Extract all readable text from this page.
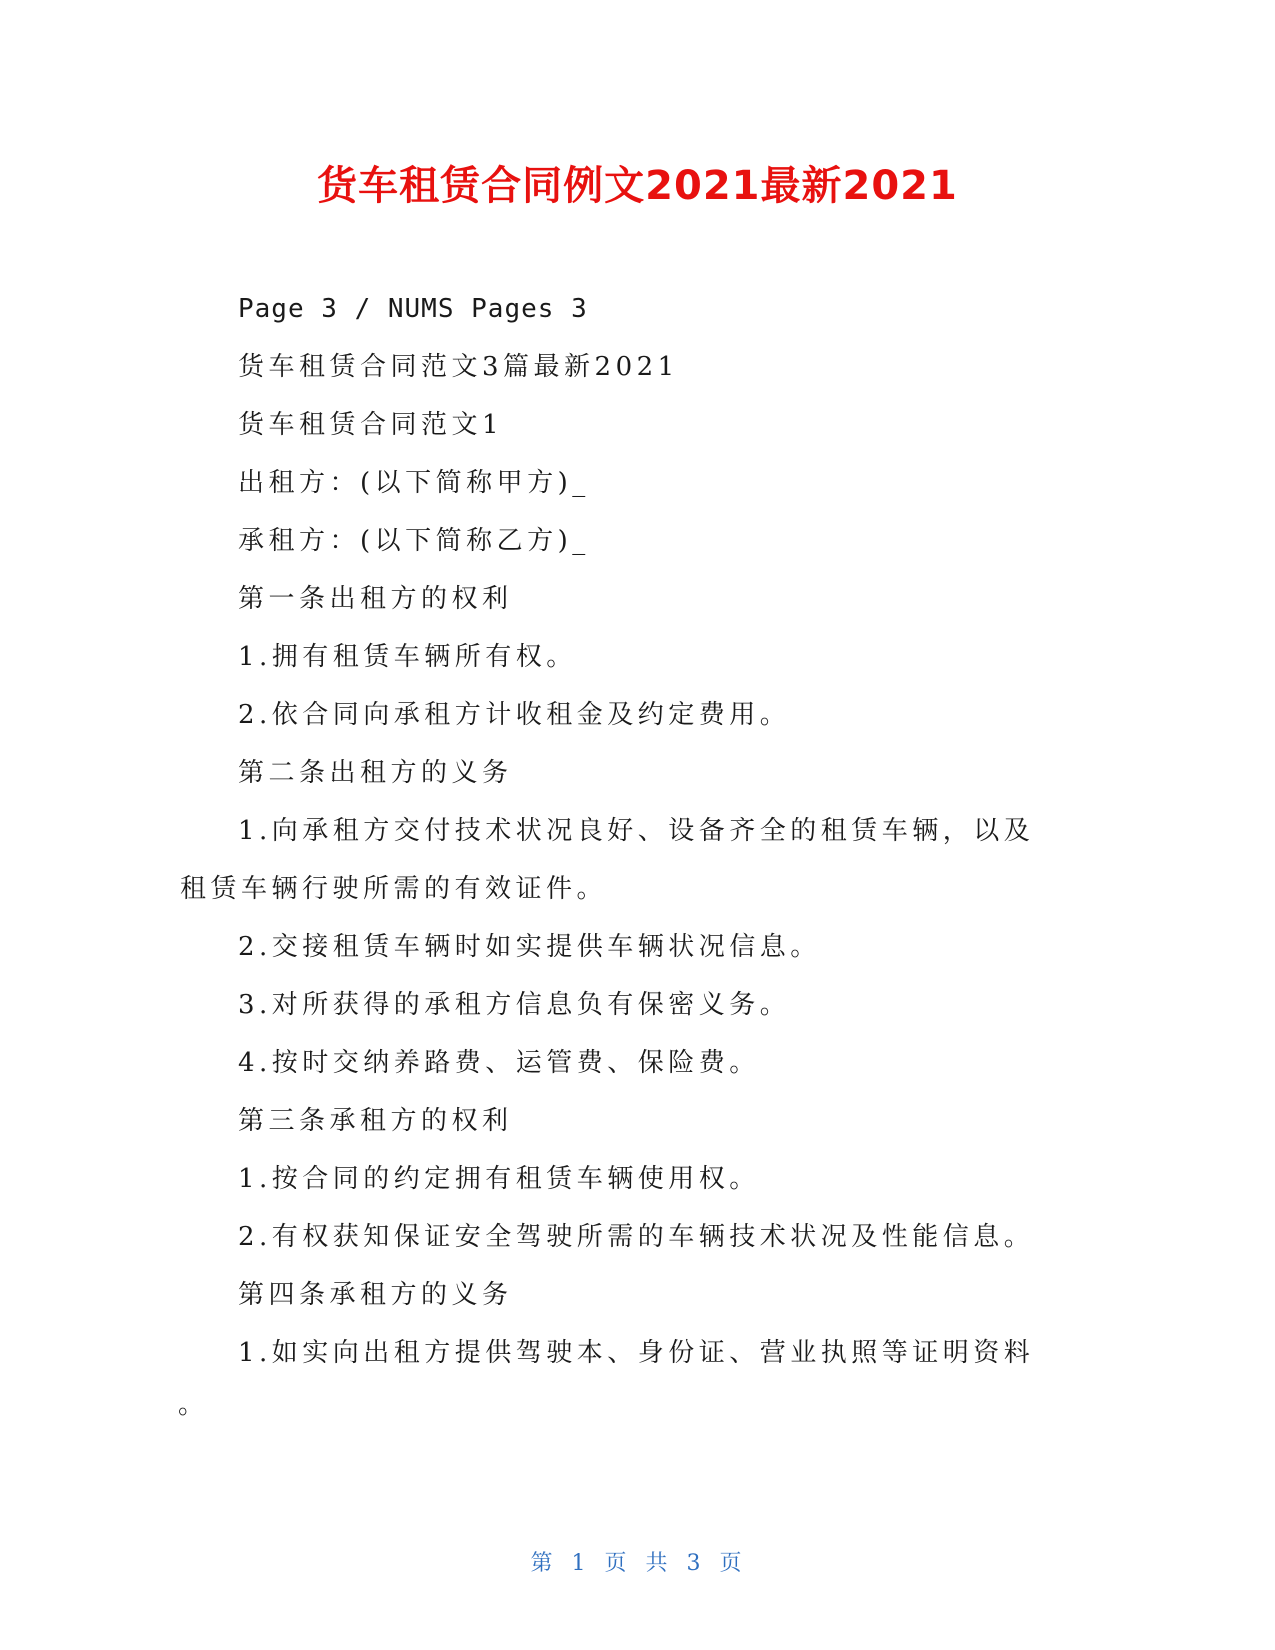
货车租赁合同例文2021最新2021
Page 3 / NUMS Pages 3
货车租赁合同范文3篇最新2021
货车租赁合同范文1
出租方：(以下简称甲方)_
承租方：(以下简称乙方)_
第一条出租方的权利
1.拥有租赁车辆所有权。
2.依合同向承租方计收租金及约定费用。
第二条出租方的义务
1.向承租方交付技术状况良好、设备齐全的租赁车辆，以及
租赁车辆行驶所需的有效证件。
2.交接租赁车辆时如实提供车辆状况信息。
3.对所获得的承租方信息负有保密义务。
4.按时交纳养路费、运管费、保险费。
第三条承租方的权利
1.按合同的约定拥有租赁车辆使用权。
2.有权获知保证安全驾驶所需的车辆技术状况及性能信息。
第四条承租方的义务
1.如实向出租方提供驾驶本、身份证、营业执照等证明资料
。
第 1 页 共 3 页
